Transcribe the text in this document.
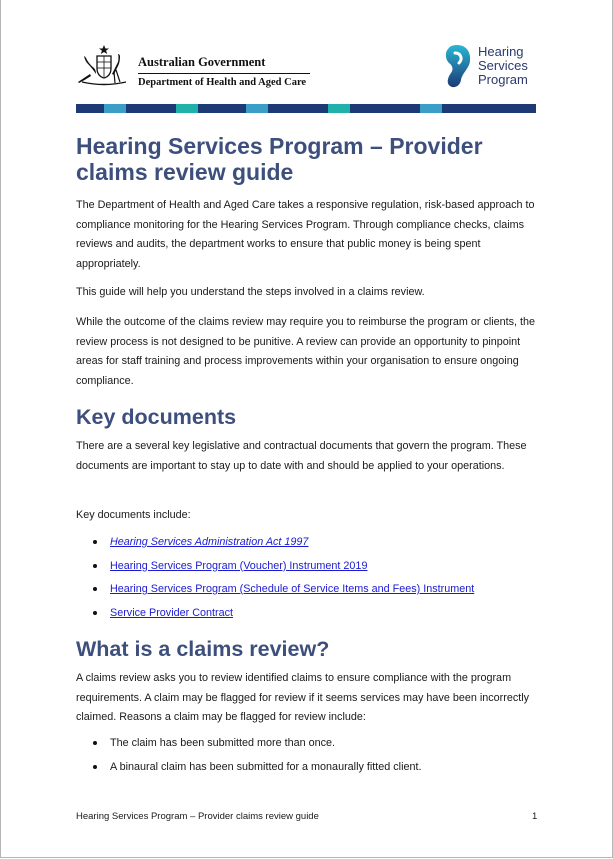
Australian Government
Department of Health and Aged Care
Hearing
Services
Program
Hearing Services Program – Provider claims review guide

The Department of Health and Aged Care takes a responsive regulation, risk-based approach to compliance monitoring for the Hearing Services Program. Through compliance checks, claims reviews and audits, the department works to ensure that public money is being spent appropriately.

This guide will help you understand the steps involved in a claims review.

While the outcome of the claims review may require you to reimburse the program or clients, the review process is not designed to be punitive. A review can provide an opportunity to pinpoint areas for staff training and process improvements within your organisation to ensure ongoing compliance.

Key documents

There are a several key legislative and contractual documents that govern the program. These documents are important to stay up to date with and should be applied to your operations.

Key documents include:

Hearing Services Administration Act 1997
Hearing Services Program (Voucher) Instrument 2019
Hearing Services Program (Schedule of Service Items and Fees) Instrument
Service Provider Contract
What is a claims review?

A claims review asks you to review identified claims to ensure compliance with the program requirements. A claim may be flagged for review if it seems services may have been incorrectly claimed. Reasons a claim may be flagged for review include:

The claim has been submitted more than once.
A binaural claim has been submitted for a monaurally fitted client.
Hearing Services Program – Provider claims review guide	1
